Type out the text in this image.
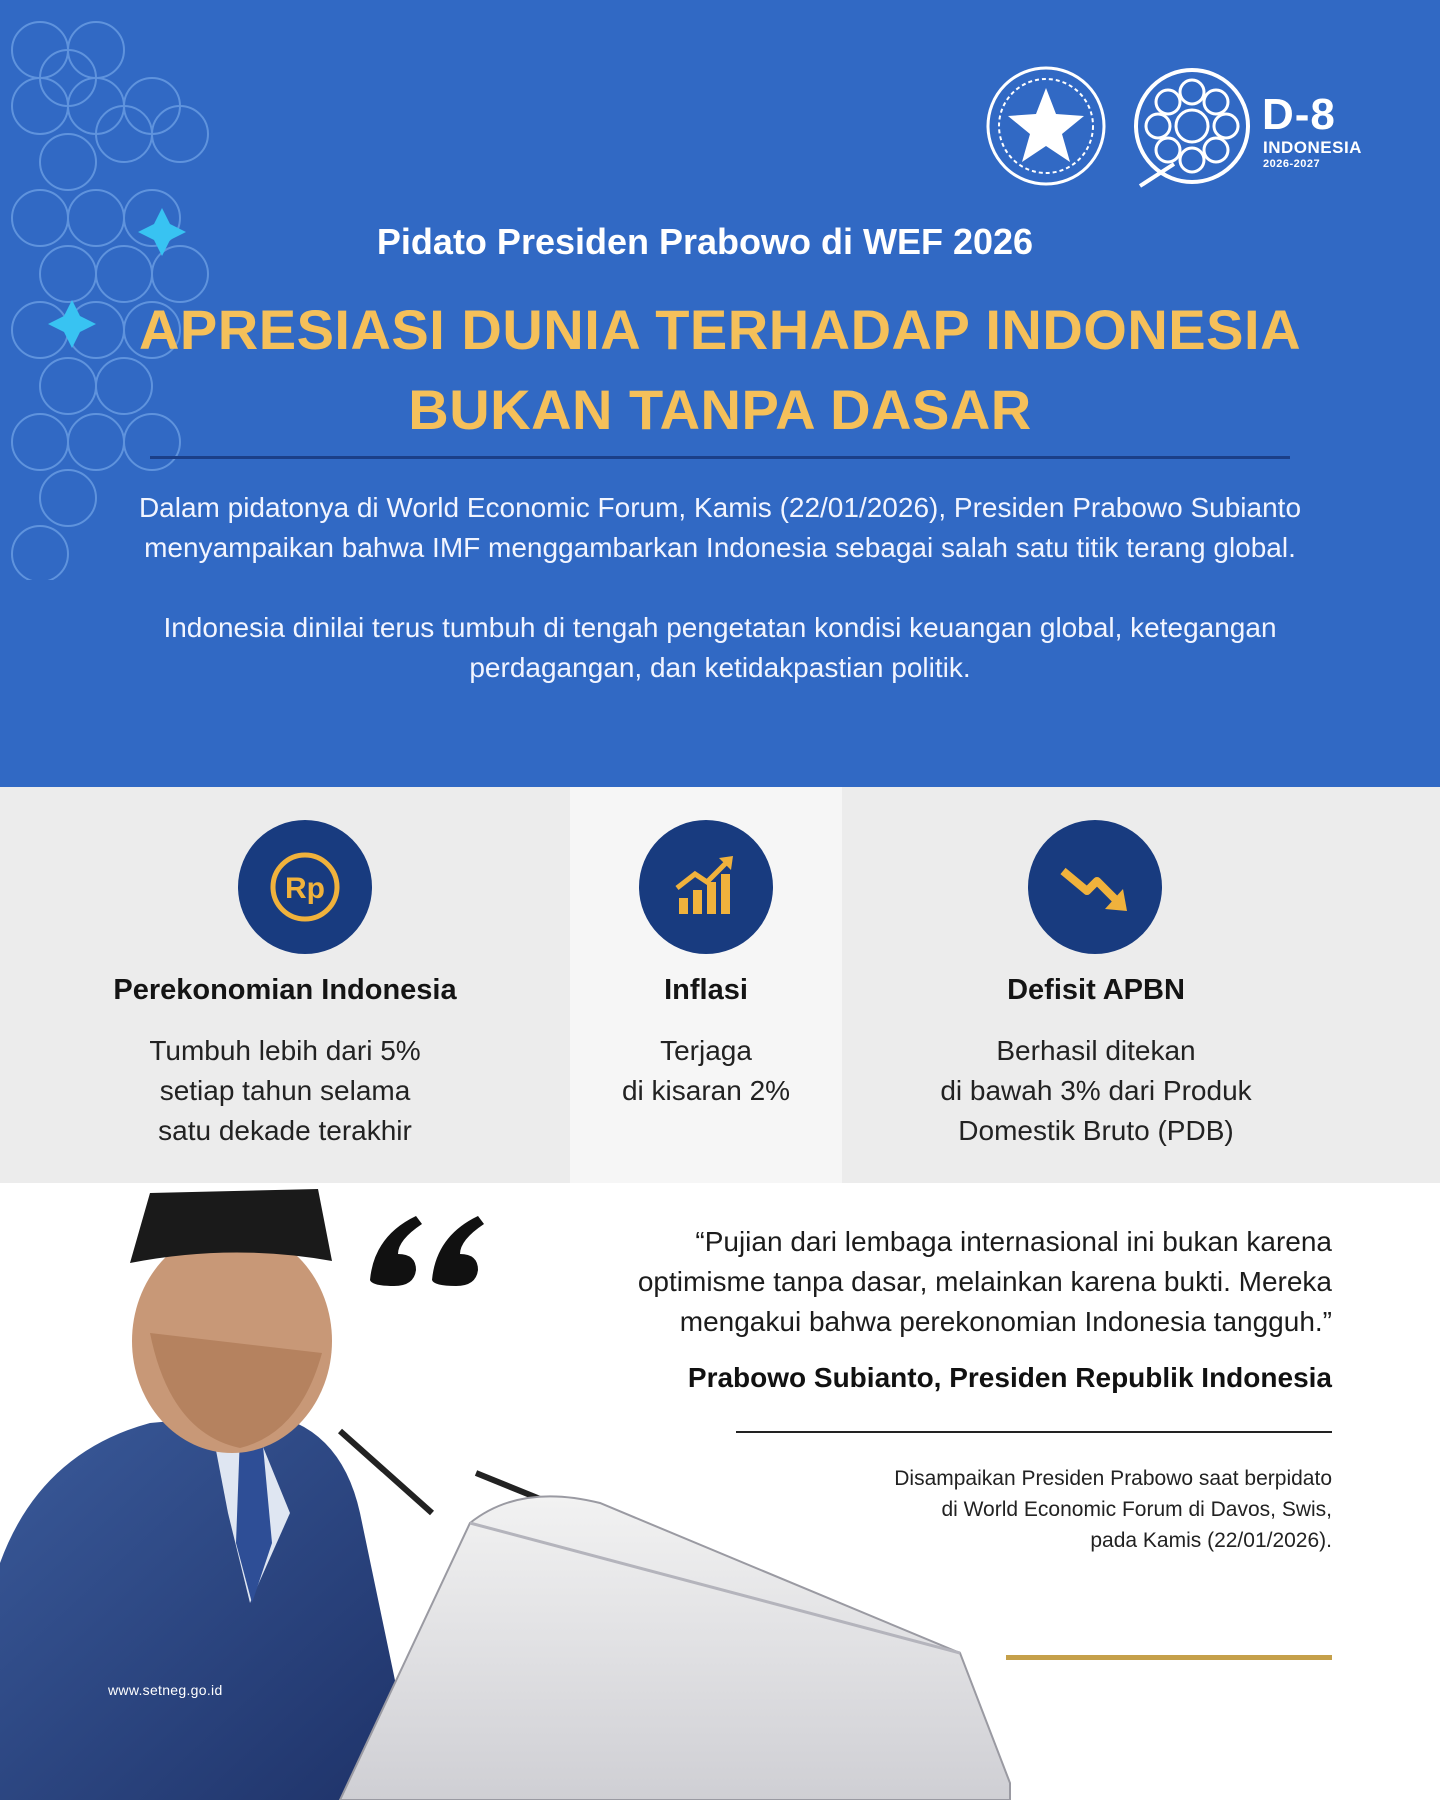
D-8
INDONESIA
2026-2027
Pidato Presiden Prabowo di WEF 2026
APRESIASI DUNIA TERHADAP INDONESIA
BUKAN TANPA DASAR

Dalam pidatonya di World Economic Forum, Kamis (22/01/2026), Presiden Prabowo Subianto menyampaikan bahwa IMF menggambarkan Indonesia sebagai salah satu titik terang global.

Indonesia dinilai terus tumbuh di tengah pengetatan kondisi keuangan global, ketegangan perdagangan, dan ketidakpastian politik.

Rp
Perekonomian Indonesia
Tumbuh lebih dari 5%
setiap tahun selama
satu dekade terakhir
Inflasi
Terjaga
di kisaran 2%
Defisit APBN
Berhasil ditekan
di bawah 3% dari Produk
Domestik Bruto (PDB)
www.setneg.go.id
“Pujian dari lembaga internasional ini bukan karena
optimisme tanpa dasar, melainkan karena bukti. Mereka
mengakui bahwa perekonomian Indonesia tangguh.”
Prabowo Subianto, Presiden Republik Indonesia
Disampaikan Presiden Prabowo saat berpidato
di World Economic Forum di Davos, Swis,
pada Kamis (22/01/2026).
